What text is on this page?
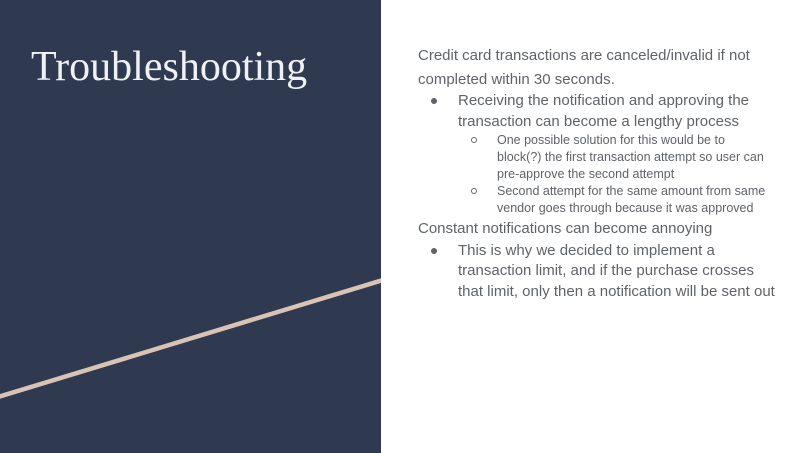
Troubleshooting	Credit card transactions are canceled/invalid if not completed within 30 seconds.
Receiving the notification and approving the transaction can become a lengthy process
One possible solution for this would be to block(?) the first transaction attempt so user can pre-approve the second attempt
Second attempt for the same amount from same vendor goes through because it was approved
Constant notifications can become annoying
This is why we decided to implement a transaction limit, and if the purchase crosses that limit, only then a notification will be sent out
